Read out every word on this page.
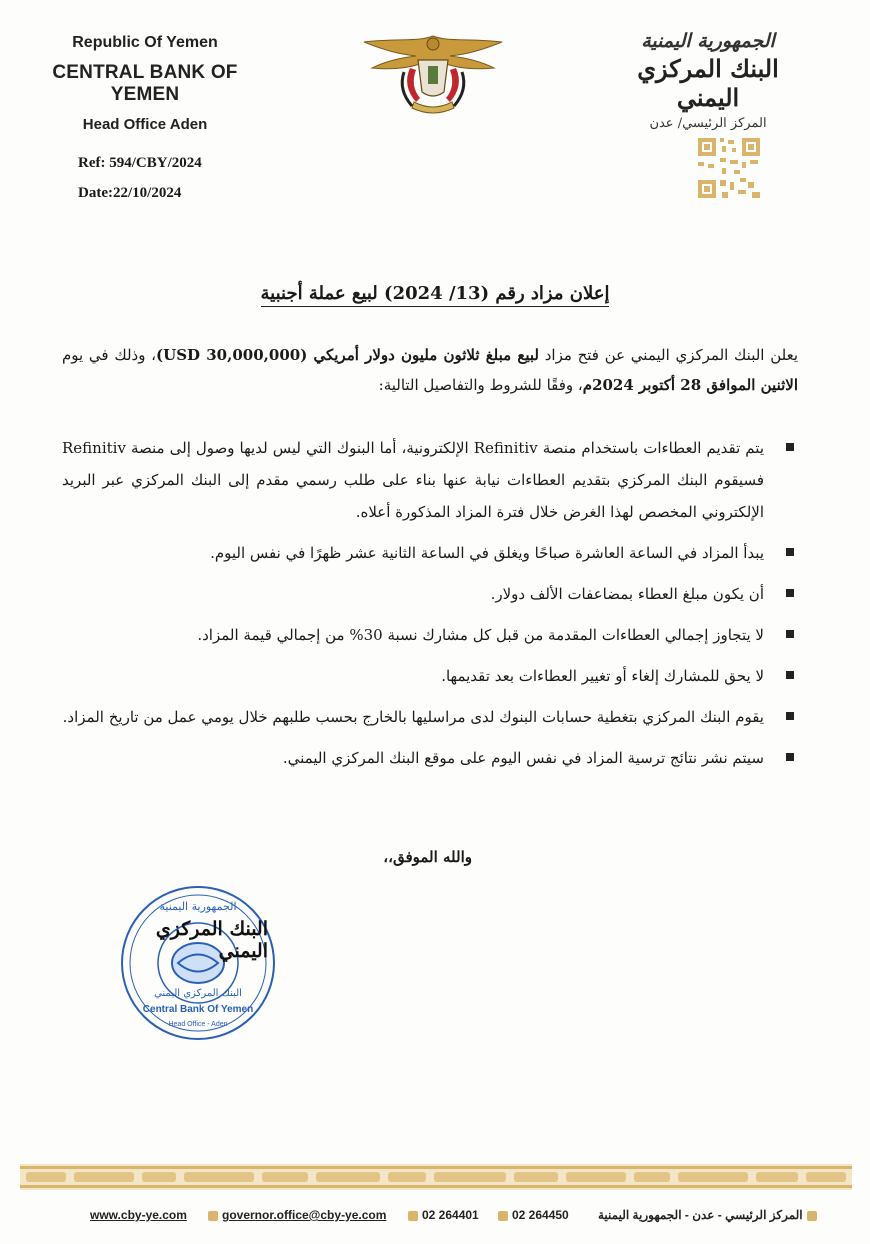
Republic Of Yemen
CENTRAL BANK OF YEMEN
Head Office Aden
Ref: 594/CBY/2024
Date:22/10/2024
الجمهورية اليمنية
البنك المركزي اليمني
المركز الرئيسي/ عدن
إعلان مزاد رقم (13/ 2024) لبيع عملة أجنبية
يعلن البنك المركزي اليمني عن فتح مزاد لبيع مبلغ ثلاثون مليون دولار أمريكي (30,000,000 USD)، وذلك في يوم الاثنين الموافق 28 أكتوبر 2024م، وفقًا للشروط والتفاصيل التالية:
يتم تقديم العطاءات باستخدام منصة Refinitiv الإلكترونية، أما البنوك التي ليس لديها وصول إلى منصة Refinitiv فسيقوم البنك المركزي بتقديم العطاءات نيابة عنها بناء على طلب رسمي مقدم إلى البنك المركزي عبر البريد الإلكتروني المخصص لهذا الغرض خلال فترة المزاد المذكورة أعلاه.
يبدأ المزاد في الساعة العاشرة صباحًا ويغلق في الساعة الثانية عشر ظهرًا في نفس اليوم.
أن يكون مبلغ العطاء بمضاعفات الألف دولار.
لا يتجاوز إجمالي العطاءات المقدمة من قبل كل مشارك نسبة 30% من إجمالي قيمة المزاد.
لا يحق للمشارك إلغاء أو تغيير العطاءات بعد تقديمها.
يقوم البنك المركزي بتغطية حسابات البنوك لدى مراسليها بالخارج بحسب طلبهم خلال يومي عمل من تاريخ المزاد.
سيتم نشر نتائج ترسية المزاد في نفس اليوم على موقع البنك المركزي اليمني.
والله الموفق،،
الجمهورية اليمنية
البنك المركزي اليمني
Central Bank Of Yemen
Head Office - Aden
البنك المركزي اليمني
www.cby-ye.com	governor.office@cby-ye.com	02 264401	02 264450 المركز الرئيسي - عدن - الجمهورية اليمنية
